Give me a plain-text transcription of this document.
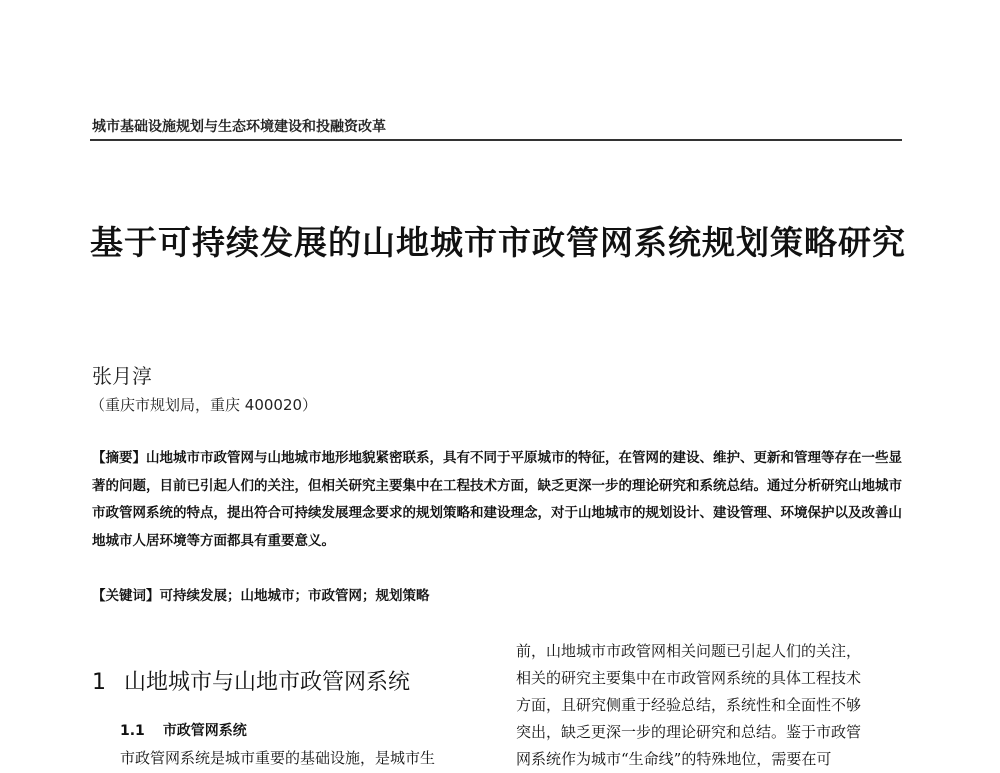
城市基础设施规划与生态环境建设和投融资改革
基于可持续发展的山地城市市政管网系统规划策略研究
张月淳
（重庆市规划局，重庆 400020）
【摘要】山地城市市政管网与山地城市地形地貌紧密联系，具有不同于平原城市的特征，在管网的建设、维护、更新和管理等存在一些显著的问题，目前已引起人们的关注，但相关研究主要集中在工程技术方面，缺乏更深一步的理论研究和系统总结。通过分析研究山地城市市政管网系统的特点，提出符合可持续发展理念要求的规划策略和建设理念，对于山地城市的规划设计、建设管理、环境保护以及改善山地城市人居环境等方面都具有重要意义。
【关键词】可持续发展；山地城市；市政管网；规划策略
1 山地城市与山地市政管网系统
1.1 市政管网系统
市政管网系统是城市重要的基础设施，是城市生
前，山地城市市政管网相关问题已引起人们的关注，
相关的研究主要集中在市政管网系统的具体工程技术
方面，且研究侧重于经验总结，系统性和全面性不够
突出，缺乏更深一步的理论研究和总结。鉴于市政管
网系统作为城市“生命线”的特殊地位，需要在可
